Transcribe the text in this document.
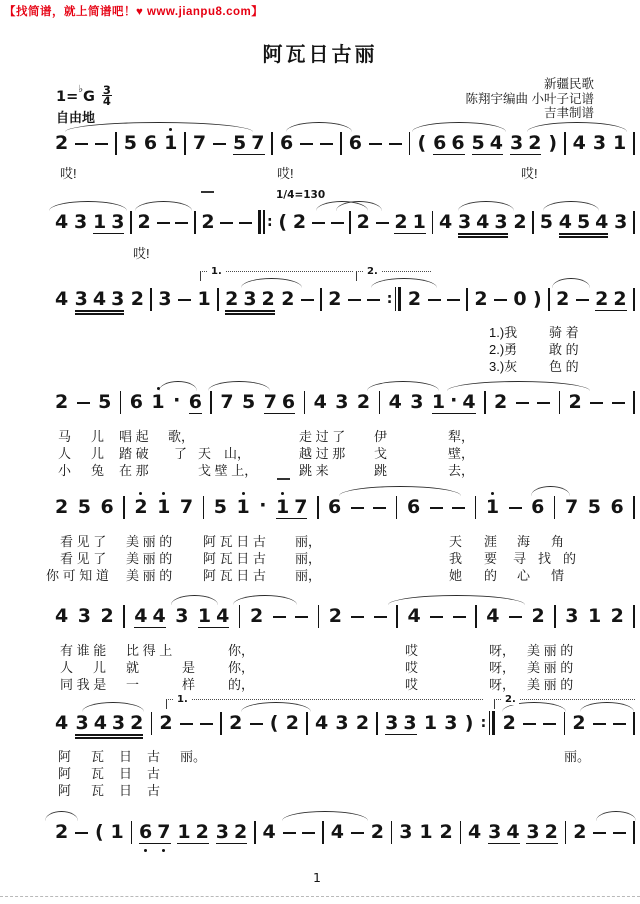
【找简谱，就上简谱吧！♥ www.jianpu8.com】
阿瓦日古丽
$1=^♭G \frac{3}{4}$
自由地
新疆民歌
陈翔宇编曲 小叶子记谱
吉聿制谱
1/4=130
2	5 6 1 7 5 7 6	6	( 6 6 5 4 3 2 ) 4 3 1
哎!	哎!	哎!
4 3 1 3 2	2	: ( 2	2 2 1 4 3 4 3 2 5 4 5 4 3
哎!
4 3 4 3 2 3 1 2 3 2 2 2	: 2	2 0 ) 2 2 2
1.	2.
1.)我 骑 着
2.)勇 敢 的
3.)灰 色 的
2 5 6 1 · 6 7 5 7 6 4 3 2 4 3 1 · 4 2	2
马 儿 唱 起 歌，	走 过 了 伊	犁，
人 儿 踏 破 了 天 山，	越 过 那 戈	壁，
小 兔 在 那	戈 壁 上，	跳 来	跳	去，
2 5 6 2 1 7 5 1 · 1 7 6	6	1 6 7 5 6
看 见 了 美 丽 的 阿 瓦 日 古 丽，	天 涯 海 角
看 见 了 美 丽 的 阿 瓦 日 古 丽，	我 要 寻 找 的
你 可 知 道 美 丽 的 阿 瓦 日 古 丽，	她 的 心 情
4 3 2 4 4 3 1 4 2	2	4	4 2 3 1 2
有 谁 能 比 得 上	你，	哎	呀， 美 丽 的
人 儿 就	是	你，	哎	呀， 美 丽 的
同 我 是 一	样	的，	哎	呀， 美 丽 的
4 3 4 3 2 2	2 ( 2 4 3 2 3 3 1 3 ) : 2	2
1.	2.
阿 瓦 日 古 丽。	丽。
阿 瓦 日 古
阿 瓦 日 古
2 ( 1 6 7 1 2 3 2 4	4 2 3 1 2 4 3 4 3 2 2
1
